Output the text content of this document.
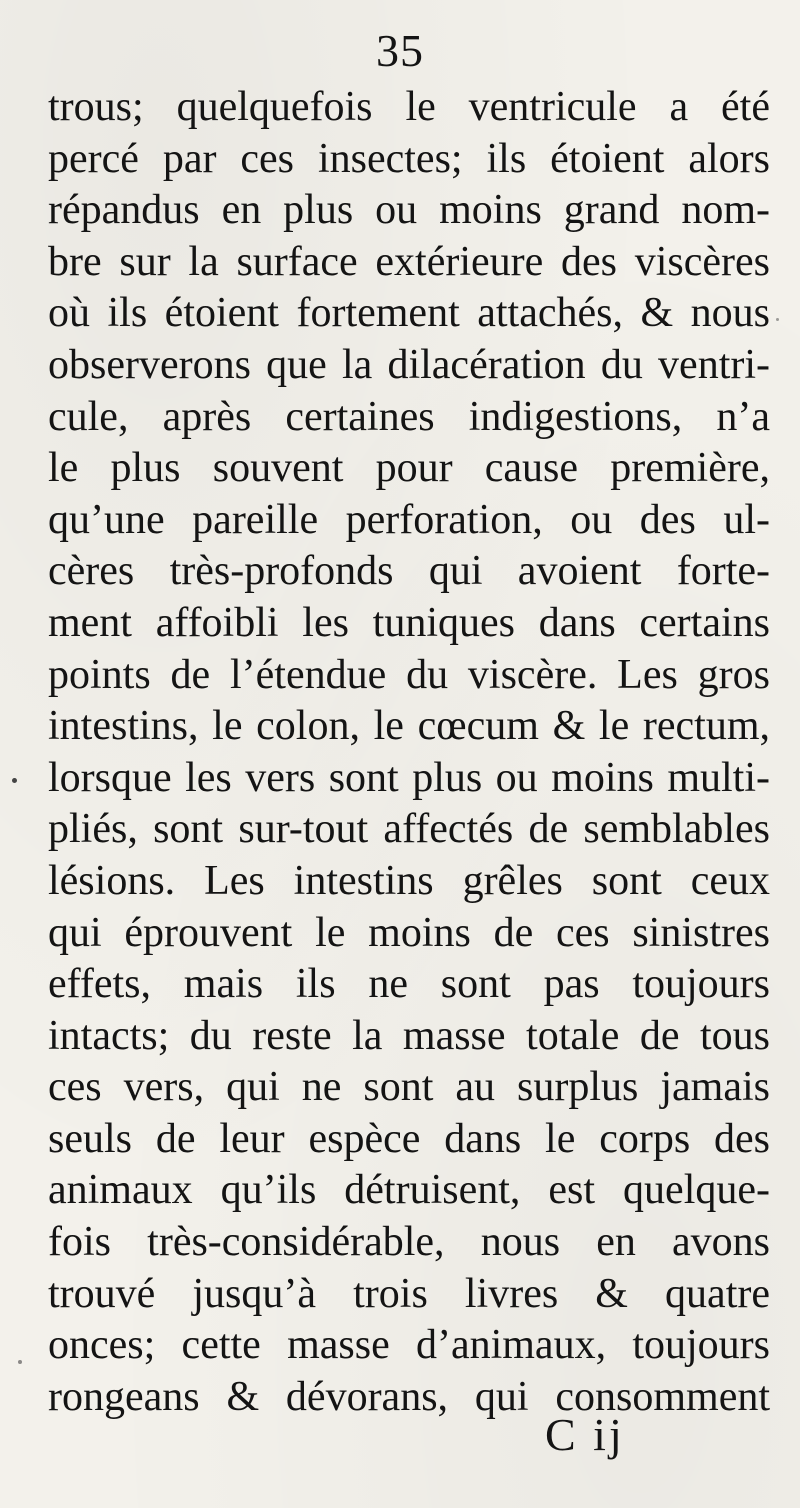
35
trous; quelquefois le ventricule a été
percé par ces insectes; ils étoient alors
répandus en plus ou moins grand nom-
bre sur la surface extérieure des viscères
où ils étoient fortement attachés, & nous
observerons que la dilacération du ventri-
cule, après certaines indigestions, n’a
le plus souvent pour cause première,
qu’une pareille perforation, ou des ul-
cères très-profonds qui avoient forte-
ment affoibli les tuniques dans certains
points de l’étendue du viscère. Les gros
intestins, le colon, le cœcum & le rectum,
lorsque les vers sont plus ou moins multi-
pliés, sont sur-tout affectés de semblables
lésions. Les intestins grêles sont ceux
qui éprouvent le moins de ces sinistres
effets, mais ils ne sont pas toujours
intacts; du reste la masse totale de tous
ces vers, qui ne sont au surplus jamais
seuls de leur espèce dans le corps des
animaux qu’ils détruisent, est quelque-
fois très-considérable, nous en avons
trouvé jusqu’à trois livres & quatre
onces; cette masse d’animaux, toujours
rongeans & dévorans, qui consomment
C ij
